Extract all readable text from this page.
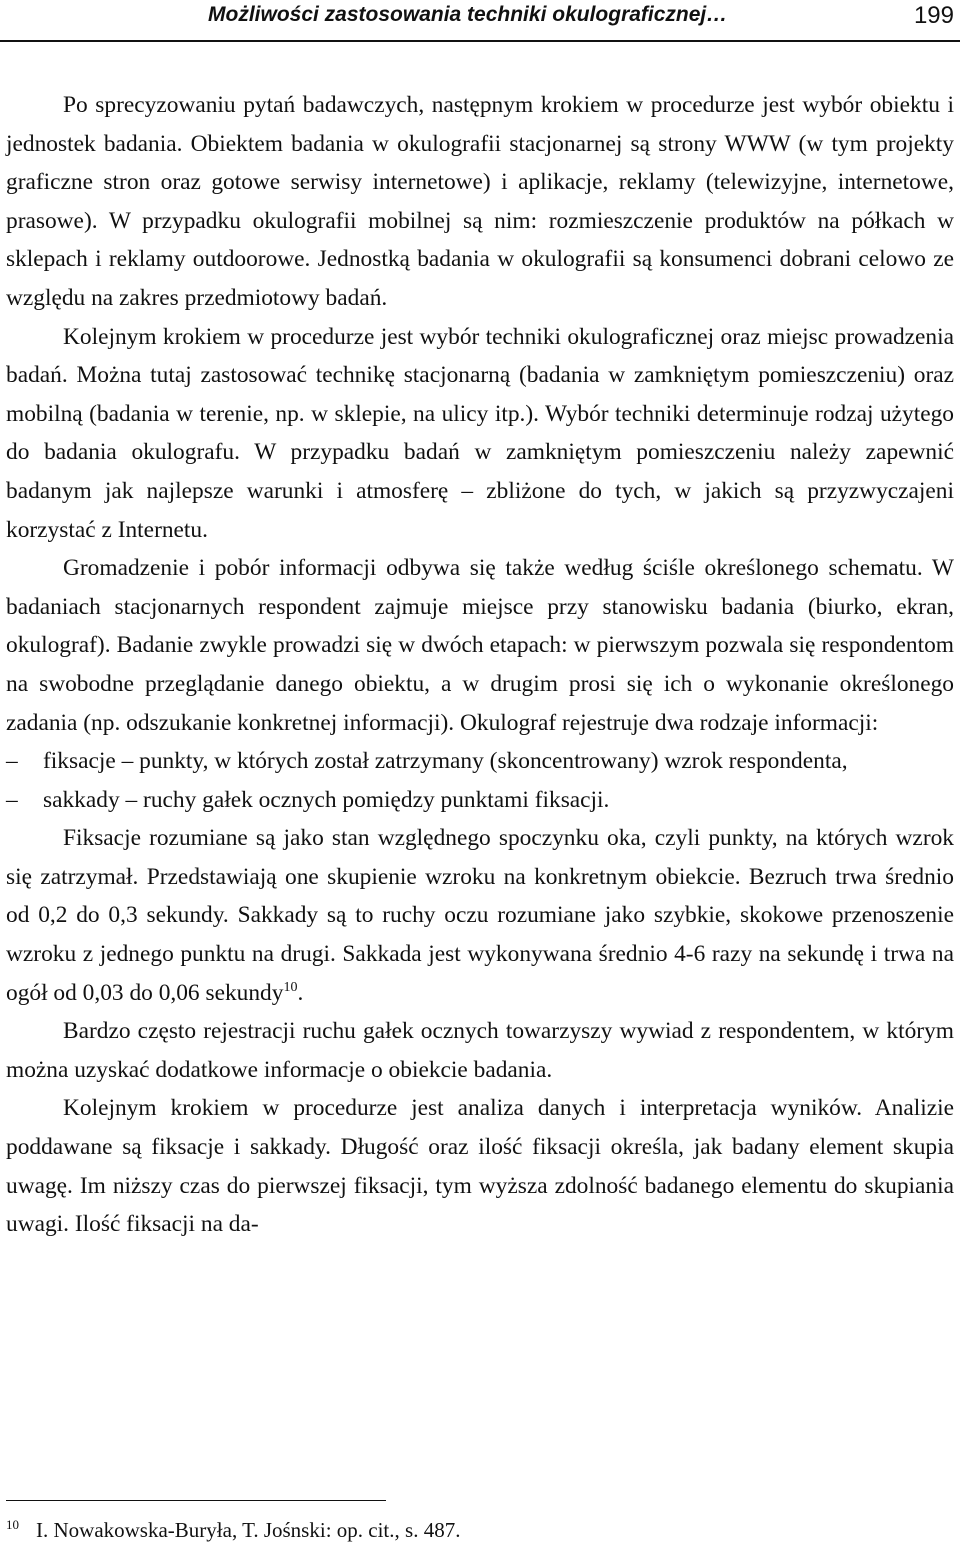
Możliwości zastosowania techniki okulograficznej…	199

Po sprecyzowaniu pytań badawczych, następnym krokiem w procedurze jest wybór obiektu i jednostek badania. Obiektem badania w okulografii stacjonarnej są strony WWW (w tym projekty graficzne stron oraz gotowe serwisy internetowe) i aplikacje, reklamy (telewizyjne, internetowe, prasowe). W przypadku okulografii mobilnej są nim: rozmieszczenie produktów na półkach w sklepach i reklamy outdoorowe. Jednostką badania w okulografii są konsumenci dobrani celowo ze względu na zakres przedmiotowy badań.

Kolejnym krokiem w procedurze jest wybór techniki okulograficznej oraz miejsc prowadzenia badań. Można tutaj zastosować technikę stacjonarną (badania w zamkniętym pomieszczeniu) oraz mobilną (badania w terenie, np. w sklepie, na ulicy itp.). Wybór techniki determinuje rodzaj użytego do badania okulografu. W przypadku badań w zamkniętym pomieszczeniu należy zapewnić badanym jak najlepsze warunki i atmosferę – zbliżone do tych, w jakich są przyzwyczajeni korzystać z Internetu.

Gromadzenie i pobór informacji odbywa się także według ściśle określonego schematu. W badaniach stacjonarnych respondent zajmuje miejsce przy stanowisku badania (biurko, ekran, okulograf). Badanie zwykle prowadzi się w dwóch etapach: w pierwszym pozwala się respondentom na swobodne przeglądanie danego obiektu, a w drugim prosi się ich o wykonanie określonego zadania (np. odszukanie konkretnej informacji). Okulograf rejestruje dwa rodzaje informacji:

– fiksacje – punkty, w których został zatrzymany (skoncentrowany) wzrok respondenta,
– sakkady – ruchy gałek ocznych pomiędzy punktami fiksacji.

Fiksacje rozumiane są jako stan względnego spoczynku oka, czyli punkty, na których wzrok się zatrzymał. Przedstawiają one skupienie wzroku na konkretnym obiekcie. Bezruch trwa średnio od 0,2 do 0,3 sekundy. Sakkady są to ruchy oczu rozumiane jako szybkie, skokowe przenoszenie wzroku z jednego punktu na drugi. Sakkada jest wykonywana średnio 4-6 razy na sekundę i trwa na ogół od 0,03 do 0,06 sekundy$^{10}$.

Bardzo często rejestracji ruchu gałek ocznych towarzyszy wywiad z respondentem, w którym można uzyskać dodatkowe informacje o obiekcie badania.

Kolejnym krokiem w procedurze jest analiza danych i interpretacja wyników. Analizie poddawane są fiksacje i sakkady. Długość oraz ilość fiksacji określa, jak badany element skupia uwagę. Im niższy czas do pierwszej fiksacji, tym wyższa zdolność badanego elementu do skupiania uwagi. Ilość fiksacji na da-

$^{10}$ I. Nowakowska-Buryła, T. Jośnski: op. cit., s. 487.
